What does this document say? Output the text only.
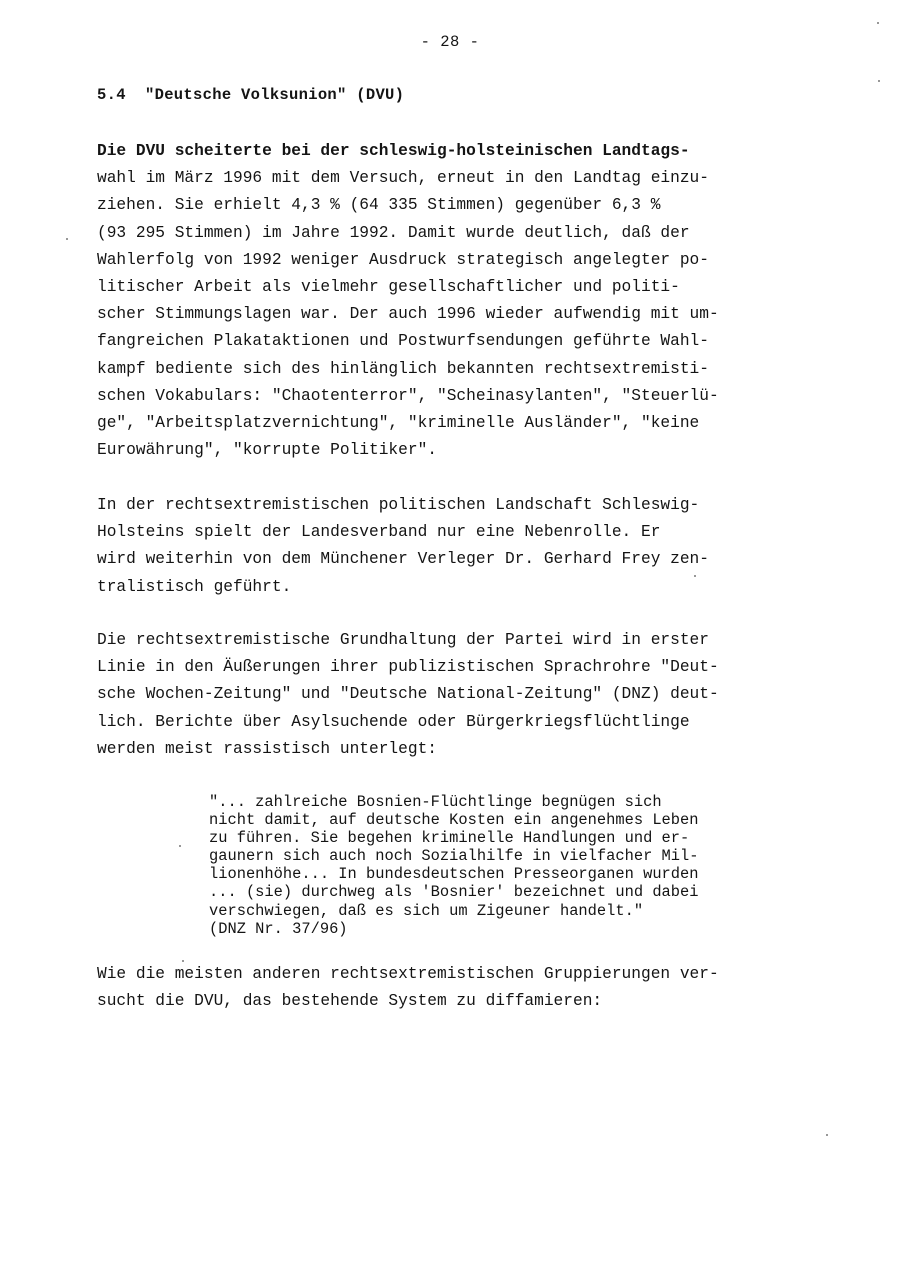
- 28 -
5.4  "Deutsche Volksunion" (DVU)
Die DVU scheiterte bei der schleswig-holsteinischen Landtags-
wahl im März 1996 mit dem Versuch, erneut in den Landtag einzu-
ziehen. Sie erhielt 4,3 % (64 335 Stimmen) gegenüber 6,3 %
(93 295 Stimmen) im Jahre 1992. Damit wurde deutlich, daß der
Wahlerfolg von 1992 weniger Ausdruck strategisch angelegter po-
litischer Arbeit als vielmehr gesellschaftlicher und politi-
scher Stimmungslagen war. Der auch 1996 wieder aufwendig mit um-
fangreichen Plakataktionen und Postwurfsendungen geführte Wahl-
kampf bediente sich des hinlänglich bekannten rechtsextremisti-
schen Vokabulars: "Chaotenterror", "Scheinasylanten", "Steuerlü-
ge", "Arbeitsplatzvernichtung", "kriminelle Ausländer", "keine
Eurowährung", "korrupte Politiker".
In der rechtsextremistischen politischen Landschaft Schleswig-
Holsteins spielt der Landesverband nur eine Nebenrolle. Er
wird weiterhin von dem Münchener Verleger Dr. Gerhard Frey zen-
tralistisch geführt.
Die rechtsextremistische Grundhaltung der Partei wird in erster
Linie in den Äußerungen ihrer publizistischen Sprachrohre "Deut-
sche Wochen-Zeitung" und "Deutsche National-Zeitung" (DNZ) deut-
lich. Berichte über Asylsuchende oder Bürgerkriegsflüchtlinge
werden meist rassistisch unterlegt:
"... zahlreiche Bosnien-Flüchtlinge begnügen sich
nicht damit, auf deutsche Kosten ein angenehmes Leben
zu führen. Sie begehen kriminelle Handlungen und er-
gaunern sich auch noch Sozialhilfe in vielfacher Mil-
lionenhöhe... In bundesdeutschen Presseorganen wurden
... (sie) durchweg als 'Bosnier' bezeichnet und dabei
verschwiegen, daß es sich um Zigeuner handelt."
(DNZ Nr. 37/96)
Wie die meisten anderen rechtsextremistischen Gruppierungen ver-
sucht die DVU, das bestehende System zu diffamieren:
